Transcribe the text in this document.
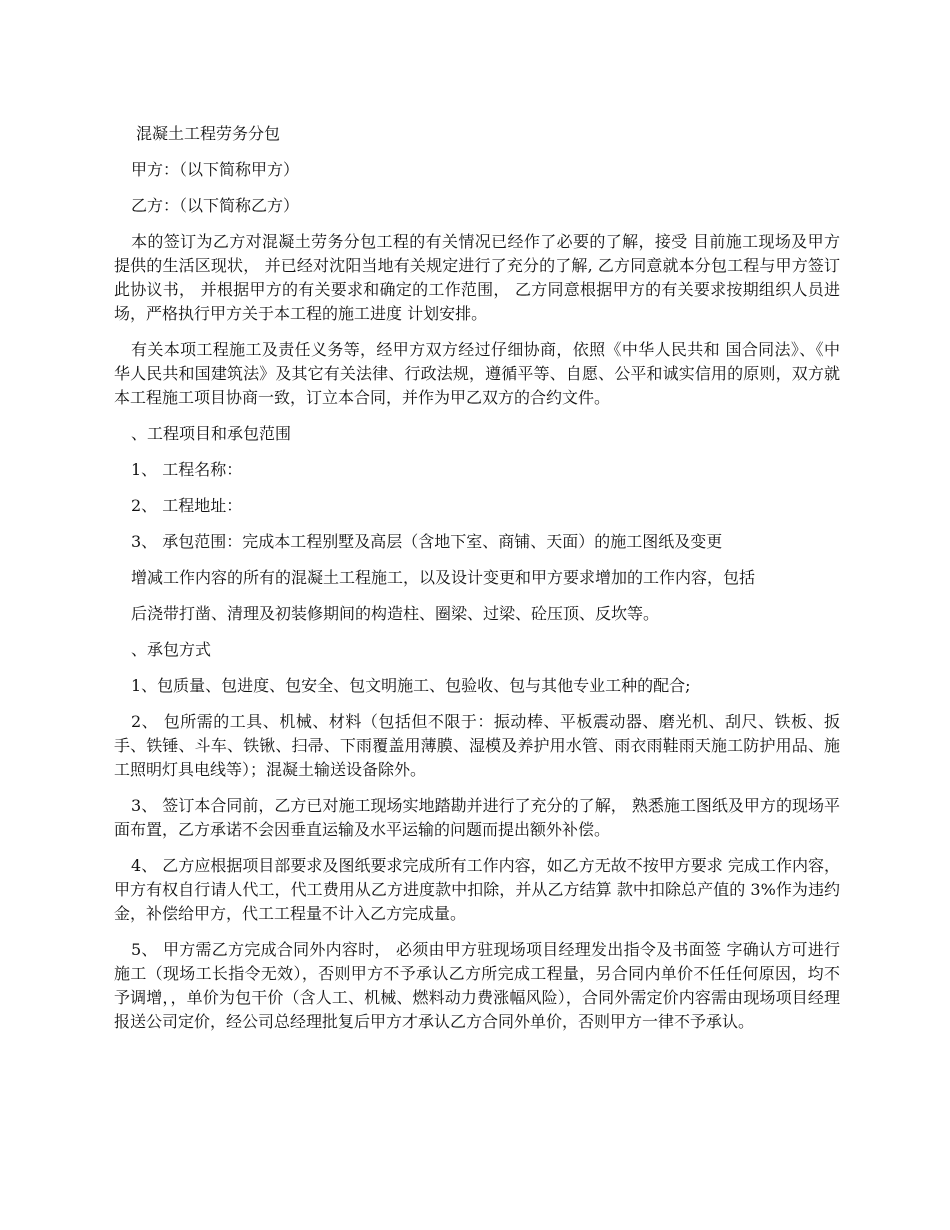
混凝土工程劳务分包

甲方：（以下简称甲方）

乙方：（以下简称乙方）

本的签订为乙方对混凝土劳务分包工程的有关情况已经作了必要的了解，接受 目前施工现场及甲方提供的生活区现状， 并已经对沈阳当地有关规定进行了充分的了解, 乙方同意就本分包工程与甲方签订此协议书， 并根据甲方的有关要求和确定的工作范围， 乙方同意根据甲方的有关要求按期组织人员进场，严格执行甲方关于本工程的施工进度 计划安排。

有关本项工程施工及责任义务等，经甲方双方经过仔细协商，依照《中华人民共和 国合同法》、《中华人民共和国建筑法》及其它有关法律、行政法规，遵循平等、自愿、公平和诚实信用的原则，双方就本工程施工项目协商一致，订立本合同，并作为甲乙双方的合约文件。

、工程项目和承包范围

1、 工程名称：

2、 工程地址：

3、 承包范围：完成本工程别墅及高层（含地下室、商铺、天面）的施工图纸及变更

增减工作内容的所有的混凝土工程施工，以及设计变更和甲方要求增加的工作内容，包括

后浇带打凿、清理及初装修期间的构造柱、圈梁、过梁、砼压顶、反坎等。

、承包方式

1、包质量、包进度、包安全、包文明施工、包验收、包与其他专业工种的配合;

2、 包所需的工具、机械、材料（包括但不限于：振动棒、平板震动器、磨光机、刮尺、铁板、扳手、铁锤、斗车、铁锹、扫帚、下雨覆盖用薄膜、湿模及养护用水管、雨衣雨鞋雨天施工防护用品、施工照明灯具电线等）；混凝土输送设备除外。

3、 签订本合同前，乙方已对施工现场实地踏勘并进行了充分的了解， 熟悉施工图纸及甲方的现场平面布置，乙方承诺不会因垂直运输及水平运输的问题而提出额外补偿。

4、 乙方应根据项目部要求及图纸要求完成所有工作内容，如乙方无故不按甲方要求 完成工作内容，甲方有权自行请人代工，代工费用从乙方进度款中扣除，并从乙方结算 款中扣除总产值的 3%作为违约金，补偿给甲方，代工工程量不计入乙方完成量。

5、 甲方需乙方完成合同外内容时， 必须由甲方驻现场项目经理发出指令及书面签 字确认方可进行施工（现场工长指令无效），否则甲方不予承认乙方所完成工程量，另合同内单价不任任何原因，均不予调增，，单价为包干价（含人工、机械、燃料动力费涨幅风险），合同外需定价内容需由现场项目经理报送公司定价，经公司总经理批复后甲方才承认乙方合同外单价，否则甲方一律不予承认。
